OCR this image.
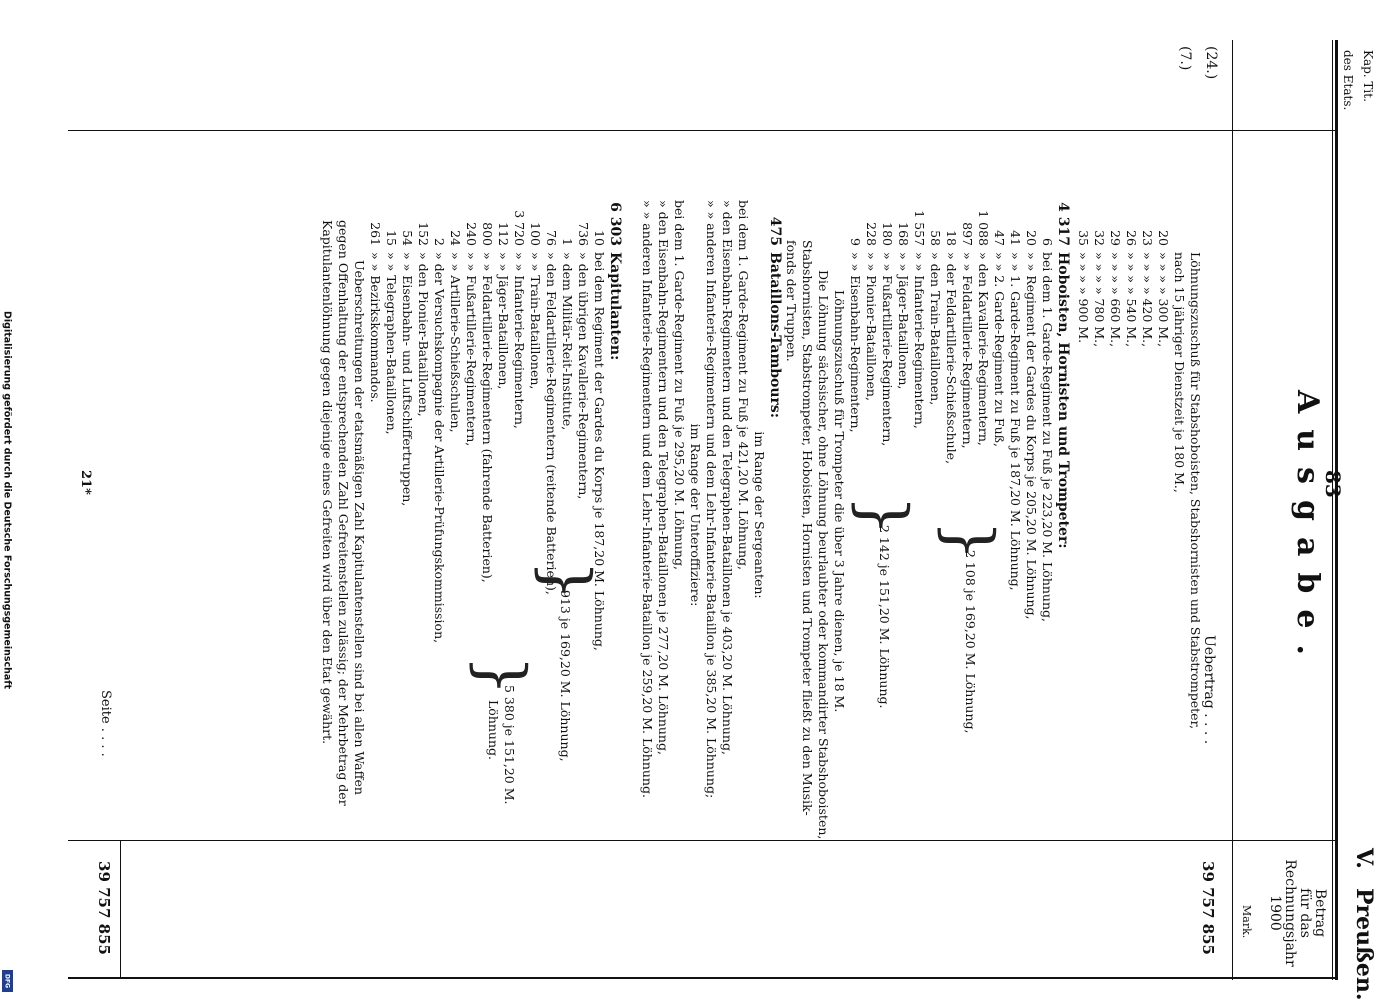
Digitalisierung gefördert durch die Deutsche Forschungsgemeinschaft
DFG
Kap. Tit.
des Etats.
83
Ausgabe.
V.
Preußen.
Betrag
für das
Rechnungsjahr
1900
Mark.
(24.)
(7.)
Uebertrag . . . .
39 757 855
Seite . . . .
39 757 855
21*	Löhnungszuschuß für Stabshoboisten, Stabshornisten und Stabstrompeter,
nach 15 jähriger Dienstzeit je 180 M.,
20» » » » 300 M.,
23» » » » 420 M.,
26» » » » 540 M.,
29» » » » 660 M.,
32» » » » 780 M.,
35» » » » 900 M.
4 317Hoboisten, Hornisten und Trompeter:
6bei dem 1. Garde-Regiment zu Fuß je 223,20 M. Löhnung,
20» » Regiment der Gardes du Korps je 205,20 M. Löhnung,
41» » 1. Garde-Regiment zu Fuß je 187,20 M. Löhnung,
47» » 2. Garde-Regiment zu Fuß,
1 088» den Kavallerie-Regimentern,
897» » Feldartillerie-Regimentern,
18» der Feldartillerie-Schießschule,
58» den Train-Bataillonen,
1 557» » Infanterie-Regimentern,
168» » Jäger-Bataillonen,
180» » Fußartillerie-Regimentern,
228» » Pionier-Bataillonen,
9» » Eisenbahn-Regimentern,
Löhnungszuschuß für Trompeter die über 3 Jahre dienen, je 18 M.
Die Löhnung sächsischer, ohne Löhnung beurlaubter oder kommandirter Stabshoboisten,
Stabshornisten, Stabstrompeter, Hoboisten, Hornisten und Trompeter fließt zu den Musik-
fonds der Truppen.
}
2 108 je 169,20 M. Löhnung,
}
2 142 je 151,20 M. Löhnung.
475Bataillons-Tambours:
im Range der Sergeanten:
bei dem 1. Garde-Regiment zu Fuß je 421,20 M. Löhnung,
» den Eisenbahn-Regimentern und den Telegraphen-Bataillonen je 403,20 M. Löhnung,
» » anderen Infanterie-Regimentern und dem Lehr-Infanterie-Bataillon je 385,20 M. Löhnung;
im Range der Unteroffiziere:
bei dem 1. Garde-Regiment zu Fuß je 295,20 M. Löhnung,
» den Eisenbahn-Regimentern und den Telegraphen-Bataillonen je 277,20 M. Löhnung,
» » anderen Infanterie-Regimentern und dem Lehr-Infanterie-Bataillon je 259,20 M. Löhnung.
6 303Kapitulanten:
10bei dem Regiment der Gardes du Korps je 187,20 M. Löhnung,
736» den übrigen Kavallerie-Regimentern,
1» dem Militär-Reit-Institute,
76» den Feldartillerie-Regimentern (reitende Batterien),
100» » Train-Bataillonen,
3 720» » Infanterie-Regimentern,
112» » Jäger-Bataillonen,
800» » Feldartillerie-Regimentern (fahrende Batterien),
240» » Fußartillerie-Regimentern,
24» » Artillerie-Schießschulen,
2» der Versuchskompagnie der Artillerie-Prüfungskommission,
152» den Pionier-Bataillonen,
54» » Eisenbahn- und Luftschiffertruppen,
15» » Telegraphen-Bataillonen,
261» » Bezirkskommandos.
Ueberschreitungen der etatsmäßigen Zahl Kapitulantenstellen sind bei allen Waffen
gegen Offenhaltung der entsprechenden Zahl Gefreitenstellen zulässig; der Mehrbetrag der
Kapitulantenlöhnung gegen diejenige eines Gefreiten wird über den Etat gewährt.	}
913 je 169,20 M. Löhnung,
}
5 380 je 151,20 M.
Löhnung.
